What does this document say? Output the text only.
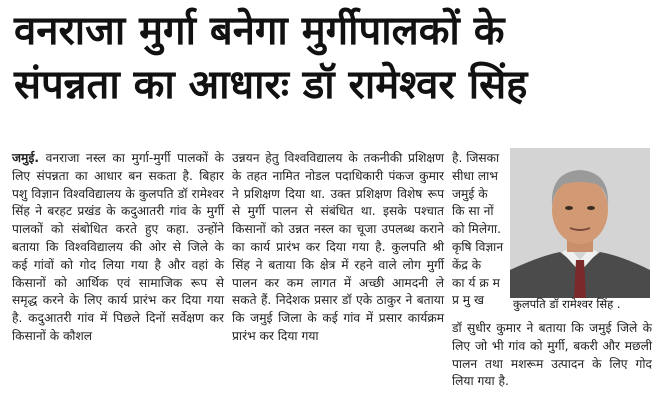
वनराजा मुर्गा बनेगा मुर्गीपालकों के
संपन्नता का आधारः डॉ रामेश्वर सिंह

जमुई. वनराजा नस्ल का मुर्गा-मुर्गी पालकों के लिए संपन्नता का आधार बन सकता है. बिहार पशु विज्ञान विश्वविद्यालय के कुलपति डॉ रामेश्वर सिंह ने बरहट प्रखंड के कदुआतरी गांव के मुर्गी पालकों को संबोधित करते हुए कहा. उन्होंने बताया कि विश्वविद्यालय की ओर से जिले के कई गांवों को गोद लिया गया है और वहां के किसानों को आर्थिक एवं सामाजिक रूप से समृद्ध करने के लिए कार्य प्रारंभ कर दिया गया है. कदुआतरी गांव में पिछले दिनों सर्वेक्षण कर किसानों के कौशल

उन्नयन हेतु विश्वविद्यालय के तकनीकी प्रशिक्षण के तहत नामित नोडल पदाधिकारी पंकज कुमार ने प्रशिक्षण दिया था. उक्त प्रशिक्षण विशेष रूप से मुर्गी पालन से संबंधित था. इसके पश्चात किसानों को उन्नत नस्ल का चूजा उपलब्ध कराने का कार्य प्रारंभ कर दिया गया है. कुलपति श्री सिंह ने बताया कि क्षेत्र में रहने वाले लोग मुर्गी पालन कर कम लागत में अच्छी आमदनी ले सकते हैं. निदेशक प्रसार डॉ एके ठाकुर ने बताया कि जमुई जिला के कई गांव में प्रसार कार्यक्रम प्रारंभ कर दिया गया

है. जिसका

सीधा लाभ

जमुई के

कि सा नों

को मिलेगा.

कृषि विज्ञान

केंद्र के

का र्य क्र म

प्र मु ख

डॉ सुधीर कुमार ने बताया कि जमुई जिले के लिए जो भी गांव को मुर्गी, बकरी और मछली पालन तथा मशरूम उत्पादन के लिए गोद लिया गया है.

कुलपति डॉ रामेश्वर सिंह .
